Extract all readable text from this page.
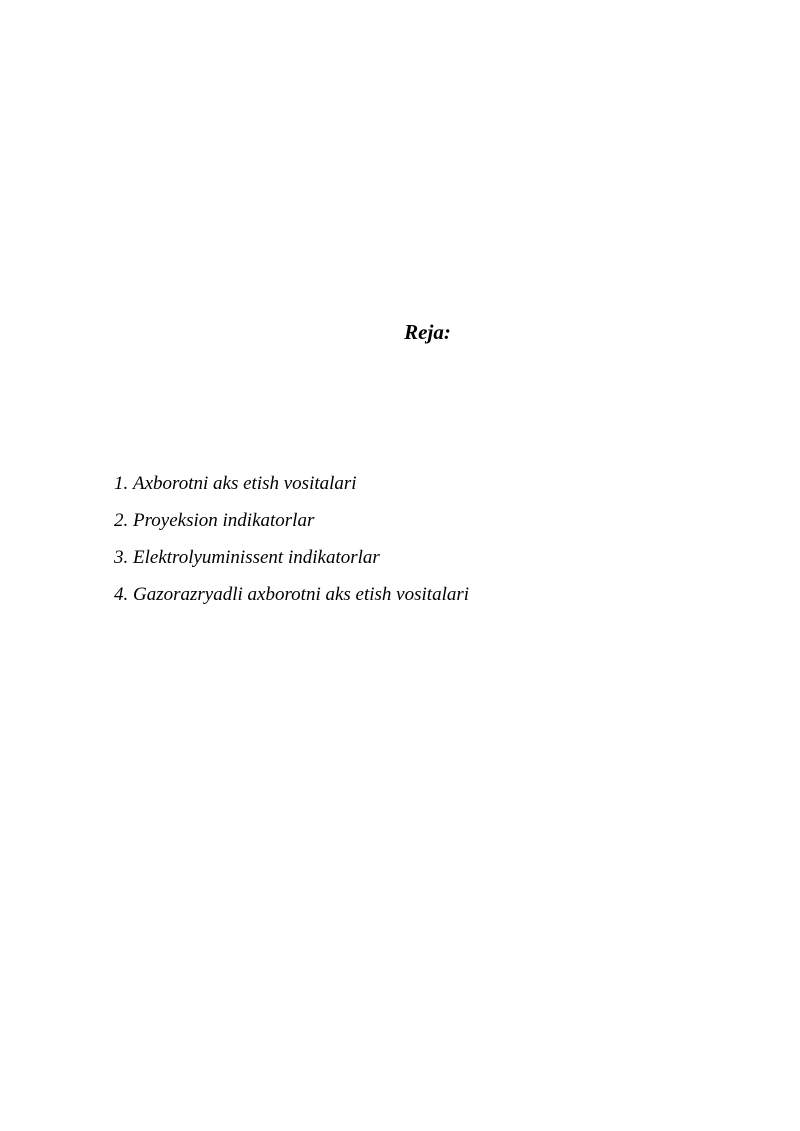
Reja:
1. Axborotni aks etish vositalari
2. Proyeksion indikatorlar
3. Elektrolyuminissent indikatorlar
4. Gazorazryadli axborotni aks etish vositalari
